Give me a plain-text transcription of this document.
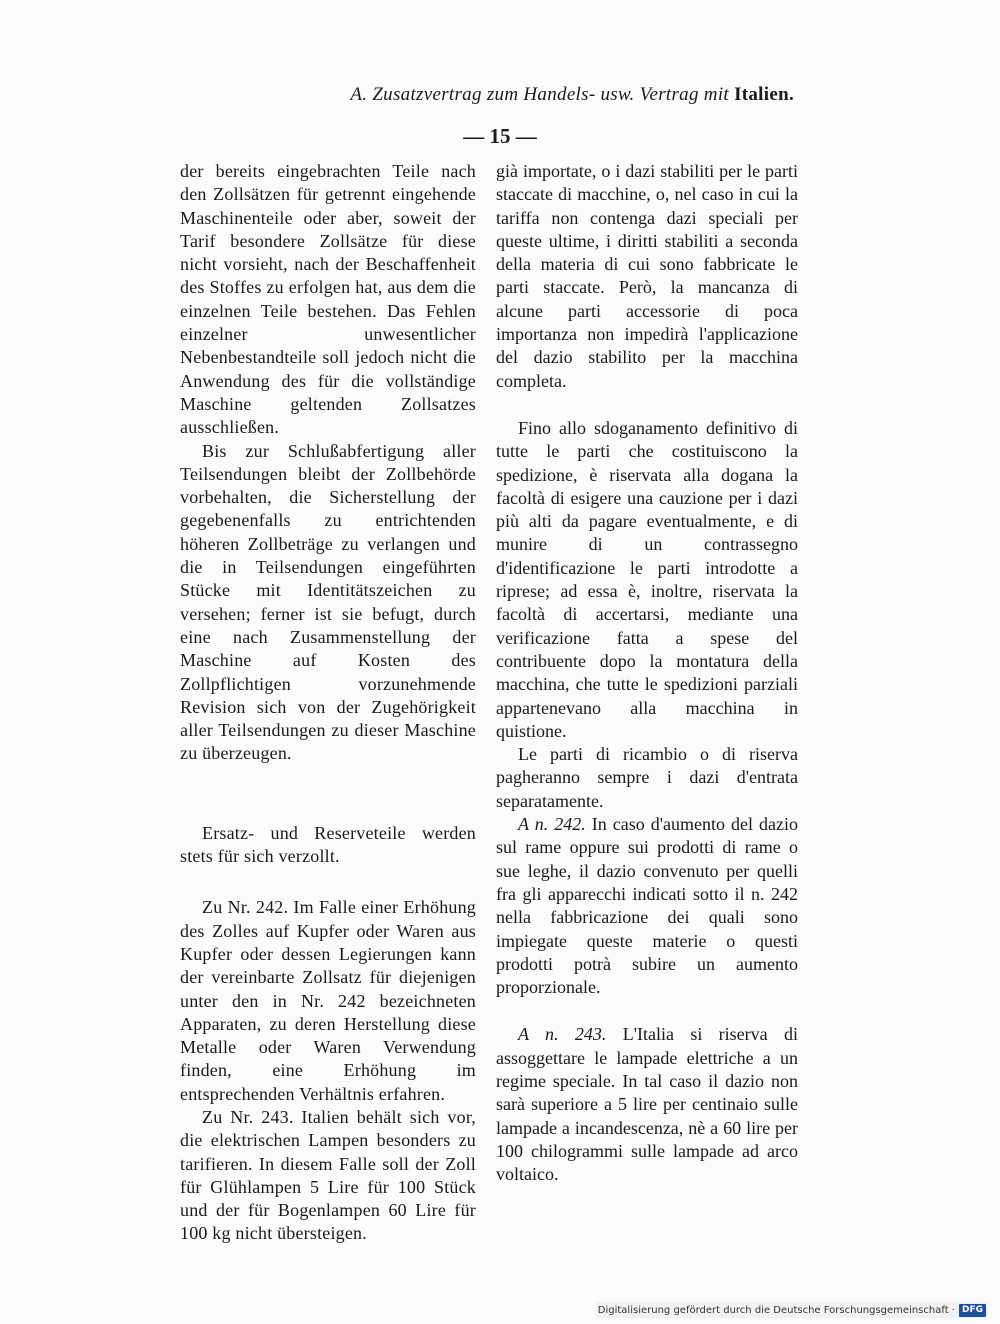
A. Zusatzvertrag zum Handels- usw. Vertrag mit Italien.
— 15 —

der bereits eingebrachten Teile nach den Zollsätzen für getrennt eingehende Maschinenteile oder aber, soweit der Tarif besondere Zollsätze für diese nicht vorsieht, nach der Beschaffenheit des Stoffes zu erfolgen hat, aus dem die einzelnen Teile bestehen. Das Fehlen einzelner unwesentlicher Nebenbestandteile soll jedoch nicht die Anwendung des für die vollständige Maschine geltenden Zollsatzes ausschließen.

Bis zur Schlußabfertigung aller Teilsendungen bleibt der Zollbehörde vorbehalten, die Sicherstellung der gegebenenfalls zu entrichtenden höheren Zollbeträge zu verlangen und die in Teilsendungen eingeführten Stücke mit Identitätszeichen zu versehen; ferner ist sie befugt, durch eine nach Zusammenstellung der Maschine auf Kosten des Zollpflichtigen vorzunehmende Revision sich von der Zugehörigkeit aller Teilsendungen zu dieser Maschine zu überzeugen.

Ersatz- und Reserveteile werden stets für sich verzollt.

Zu Nr. 242. Im Falle einer Erhöhung des Zolles auf Kupfer oder Waren aus Kupfer oder dessen Legierungen kann der vereinbarte Zollsatz für diejenigen unter den in Nr. 242 bezeichneten Apparaten, zu deren Herstellung diese Metalle oder Waren Verwendung finden, eine Erhöhung im entsprechenden Verhältnis erfahren.

Zu Nr. 243. Italien behält sich vor, die elektrischen Lampen besonders zu tarifieren. In diesem Falle soll der Zoll für Glühlampen 5 Lire für 100 Stück und der für Bogenlampen 60 Lire für 100 kg nicht übersteigen.

già importate, o i dazi stabiliti per le parti staccate di macchine, o, nel caso in cui la tariffa non contenga dazi speciali per queste ultime, i diritti stabiliti a seconda della materia di cui sono fabbricate le parti staccate. Però, la mancanza di alcune parti accessorie di poca importanza non impedirà l'applicazione del dazio stabilito per la macchina completa.

Fino allo sdoganamento definitivo di tutte le parti che costituiscono la spedizione, è riservata alla dogana la facoltà di esigere una cauzione per i dazi più alti da pagare eventualmente, e di munire di un contrassegno d'identificazione le parti introdotte a riprese; ad essa è, inoltre, riservata la facoltà di accertarsi, mediante una verificazione fatta a spese del contribuente dopo la montatura della macchina, che tutte le spedizioni parziali appartenevano alla macchina in quistione.

Le parti di ricambio o di riserva pagheranno sempre i dazi d'entrata separatamente.

A n. 242. In caso d'aumento del dazio sul rame oppure sui prodotti di rame o sue leghe, il dazio convenuto per quelli fra gli apparecchi indicati sotto il n. 242 nella fabbricazione dei quali sono impiegate queste materie o questi prodotti potrà subire un aumento proporzionale.

A n. 243. L'Italia si riserva di assoggettare le lampade elettriche a un regime speciale. In tal caso il dazio non sarà superiore a 5 lire per centinaio sulle lampade a incandescenza, nè a 60 lire per 100 chilogrammi sulle lampade ad arco voltaico.

Digitalisierung gefördert durch die Deutsche Forschungsgemeinschaft · DFG
